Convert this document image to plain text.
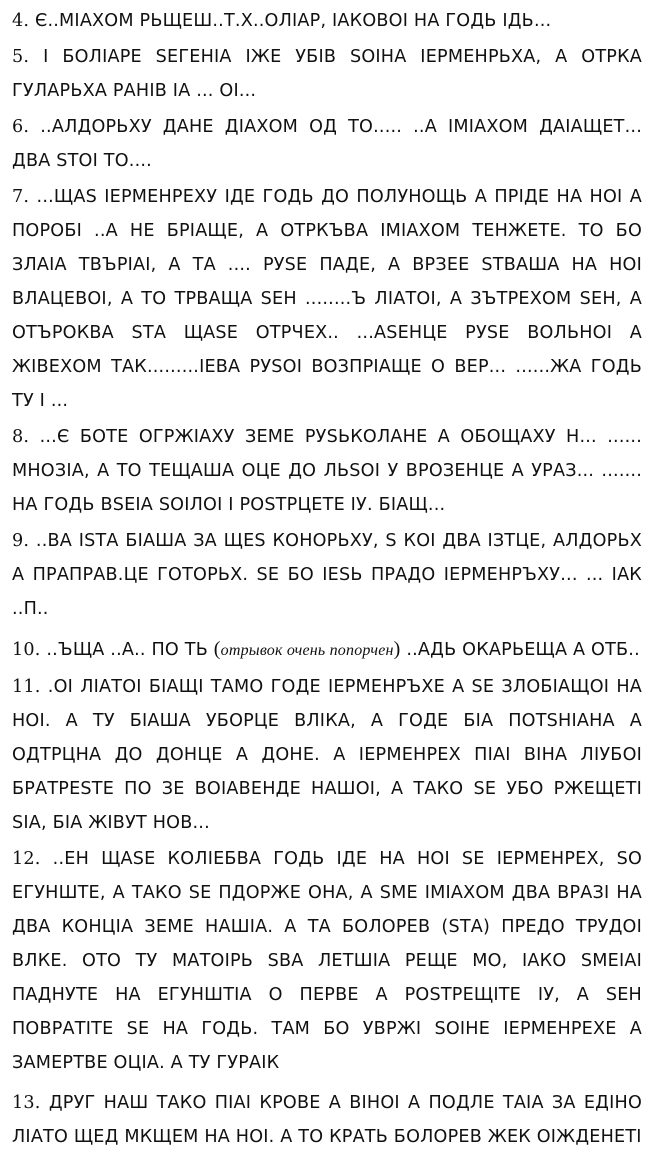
4. Є..МІАХОМ РЬЩЕШ..Т.Х..ОЛІАР, ІАКОВОІ НА ГОДЬ ІДЬ...

5. І БОЛІАРЕ ЅЕГЕНІА ІЖЕ УБІВ ЅОІНА ІЕРМЕНРЬХА, А ОТРКА ГУЛАРЬХА РАНІВ ІА ... ОІ...

6. ..АЛДОРЬХУ ДАНЕ ДІАХОМ ОД ТО..... ..А ІМІАХОМ ДАІАЩЕТ... ДВА ЅТОІ ТО....

7. ...ЩАЅ ІЕРМЕНРЕХУ ІДЕ ГОДЬ ДО ПОЛУНОЩЬ А ПРІДЕ НА НОІ А ПОРОБІ ..А НЕ БРІАЩЕ, А ОТРКЪВА ІМІАХОМ ТЕНЖЕТЕ. ТО БО ЗЛАІА ТВЪРІАІ, А ТА .... РУЅЕ ПАДЕ, А ВРЗЕЕ ЅТВАША НА НОІ ВЛАЦЕВОІ, А ТО ТРВАЩА ЅЕН ........Ъ ЛІАТОІ, А ЗЪТРЕХОМ ЅЕН, А ОТЪРОКВА ЅТА ЩАЅЕ ОТРЧЕХ.. ...АЅЕНЦЕ РУЅЕ ВОЛЬНОІ А ЖІВЕХОМ ТАК.........ІЕВА РУЅОІ ВОЗПРІАЩЕ О ВЕР... ......ЖА ГОДЬ ТУ І ...

8. ...Є БОТЕ ОГРЖІАХУ ЗЕМЕ РУЅЬКОЛАНЕ А ОБОЩАХУ Н... ...... МНОЗІА, А ТО ТЕЩАША ОЦЕ ДО ЛЬЅОІ У ВРОЗЕНЦЕ А УРАЗ... ....... НА ГОДЬ ВЅЕІА ЅОІЛОІ І РОЅТРЦЕТЕ ІУ. БІАЩ...

9. ..ВА ІЅТА БІАША ЗА ЩЕЅ КОНОРЬХУ, Ѕ КОІ ДВА ІЗТЦЕ, АЛДОРЬХ А ПРАПРАВ.ЦЕ ГОТОРЬХ. ЅЕ БО ІЕЅЬ ПРАДО ІЕРМЕНРЪХУ... ... ІАК ..П..

10. ..ЪЩА ..А.. ПО ТЬ (отрывок очень попорчен) ..АДЬ ОКАРЬЕЩА А ОТБ..

11. .ОІ ЛІАТОІ БІАЩІ ТАМО ГОДЕ ІЕРМЕНРЪХЕ А ЅЕ ЗЛОБІАЩОІ НА НОІ. А ТУ БІАША УБОРЦЕ ВЛІКА, А ГОДЕ БІА ПОТЅНІАНА А ОДТРЦНА ДО ДОНЦЕ А ДОНЕ. А ІЕРМЕНРЕХ ПІАІ ВІНА ЛІУБОІ БРАТРЕЅТЕ ПО ЗЕ ВОІАВЕНДЕ НАШОІ, А ТАКО ЅЕ УБО РЖЕЩЕТІ ЅІА, БІА ЖІВУТ НОВ...

12. ..ЕН ЩАЅЕ КОЛІЕБВА ГОДЬ ІДЕ НА НОІ ЅЕ ІЕРМЕНРЕХ, ЅО ЕГУНШТЕ, А ТАКО ЅЕ ПДОРЖЕ ОНА, А ЅМЕ ІМІАХОМ ДВА ВРАЗІ НА ДВА КОНЦІА ЗЕМЕ НАШІА. А ТА БОЛОРЕВ (ЅТА) ПРЕДО ТРУДОІ ВЛКЕ. ОТО ТУ МАТОІРЬ ЅВА ЛЕТШІА РЕЩЕ МО, ІАКО ЅМЕІАІ ПАДНУТЕ НА ЕГУНШТІА О ПЕРВЕ А РОЅТРЕЩІТЕ ІУ, А ЅЕН ПОВРАТІТЕ ЅЕ НА ГОДЬ. ТАМ БО УВРЖІ ЅОІНЕ ІЕРМЕНРЕХЕ А ЗАМЕРТВЕ ОЦІА. А ТУ ГУРАІК

13. ДРУГ НАШ ТАКО ПІАІ КРОВЕ А ВІНОІ А ПОДЛЕ ТАІА ЗА ЕДІНО ЛІАТО ЩЕД МКЩЕМ НА НОІ. А ТО КРАТЬ БОЛОРЕВ ЖЕК ОІЖДЕНЕТІ
